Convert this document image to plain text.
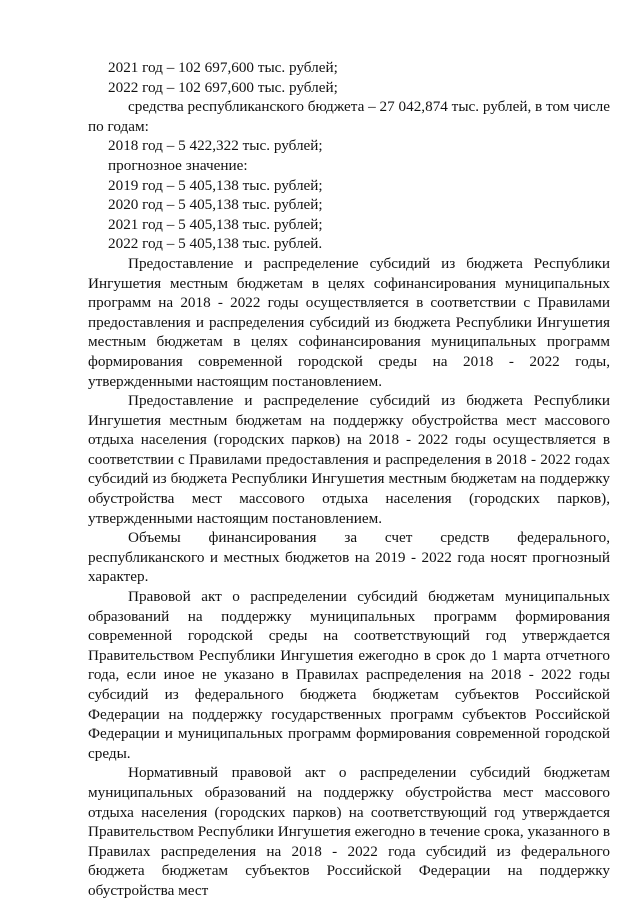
2021 год – 102 697,600 тыс. рублей;
2022 год – 102 697,600 тыс. рублей;

средства республиканского бюджета – 27 042,874 тыс. рублей, в том числе по годам:

2018 год – 5 422,322 тыс. рублей;
прогнозное значение:
2019 год – 5 405,138 тыс. рублей;
2020 год – 5 405,138 тыс. рублей;
2021 год – 5 405,138 тыс. рублей;
2022 год – 5 405,138 тыс. рублей.

Предоставление и распределение субсидий из бюджета Республики Ингушетия местным бюджетам в целях софинансирования муниципальных программ на 2018 - 2022 годы осуществляется в соответствии с Правилами предоставления и распределения субсидий из бюджета Республики Ингушетия местным бюджетам в целях софинансирования муниципальных программ формирования современной городской среды на 2018 - 2022 годы, утвержденными настоящим постановлением.

Предоставление и распределение субсидий из бюджета Республики Ингушетия местным бюджетам на поддержку обустройства мест массового отдыха населения (городских парков) на 2018 - 2022 годы осуществляется в соответствии с Правилами предоставления и распределения в 2018 - 2022 годах субсидий из бюджета Республики Ингушетия местным бюджетам на поддержку обустройства мест массового отдыха населения (городских парков), утвержденными настоящим постановлением.

Объемы финансирования за счет средств федерального, республиканского и местных бюджетов на 2019 - 2022 года носят прогнозный характер.

Правовой акт о распределении субсидий бюджетам муниципальных образований на поддержку муниципальных программ формирования современной городской среды на соответствующий год утверждается Правительством Республики Ингушетия ежегодно в срок до 1 марта отчетного года, если иное не указано в Правилах распределения на 2018 - 2022 годы субсидий из федерального бюджета бюджетам субъектов Российской Федерации на поддержку государственных программ субъектов Российской Федерации и муниципальных программ формирования современной городской среды.

Нормативный правовой акт о распределении субсидий бюджетам муниципальных образований на поддержку обустройства мест массового отдыха населения (городских парков) на соответствующий год утверждается Правительством Республики Ингушетия ежегодно в течение срока, указанного в Правилах распределения на 2018 - 2022 года субсидий из федерального бюджета бюджетам субъектов Российской Федерации на поддержку обустройства мест
